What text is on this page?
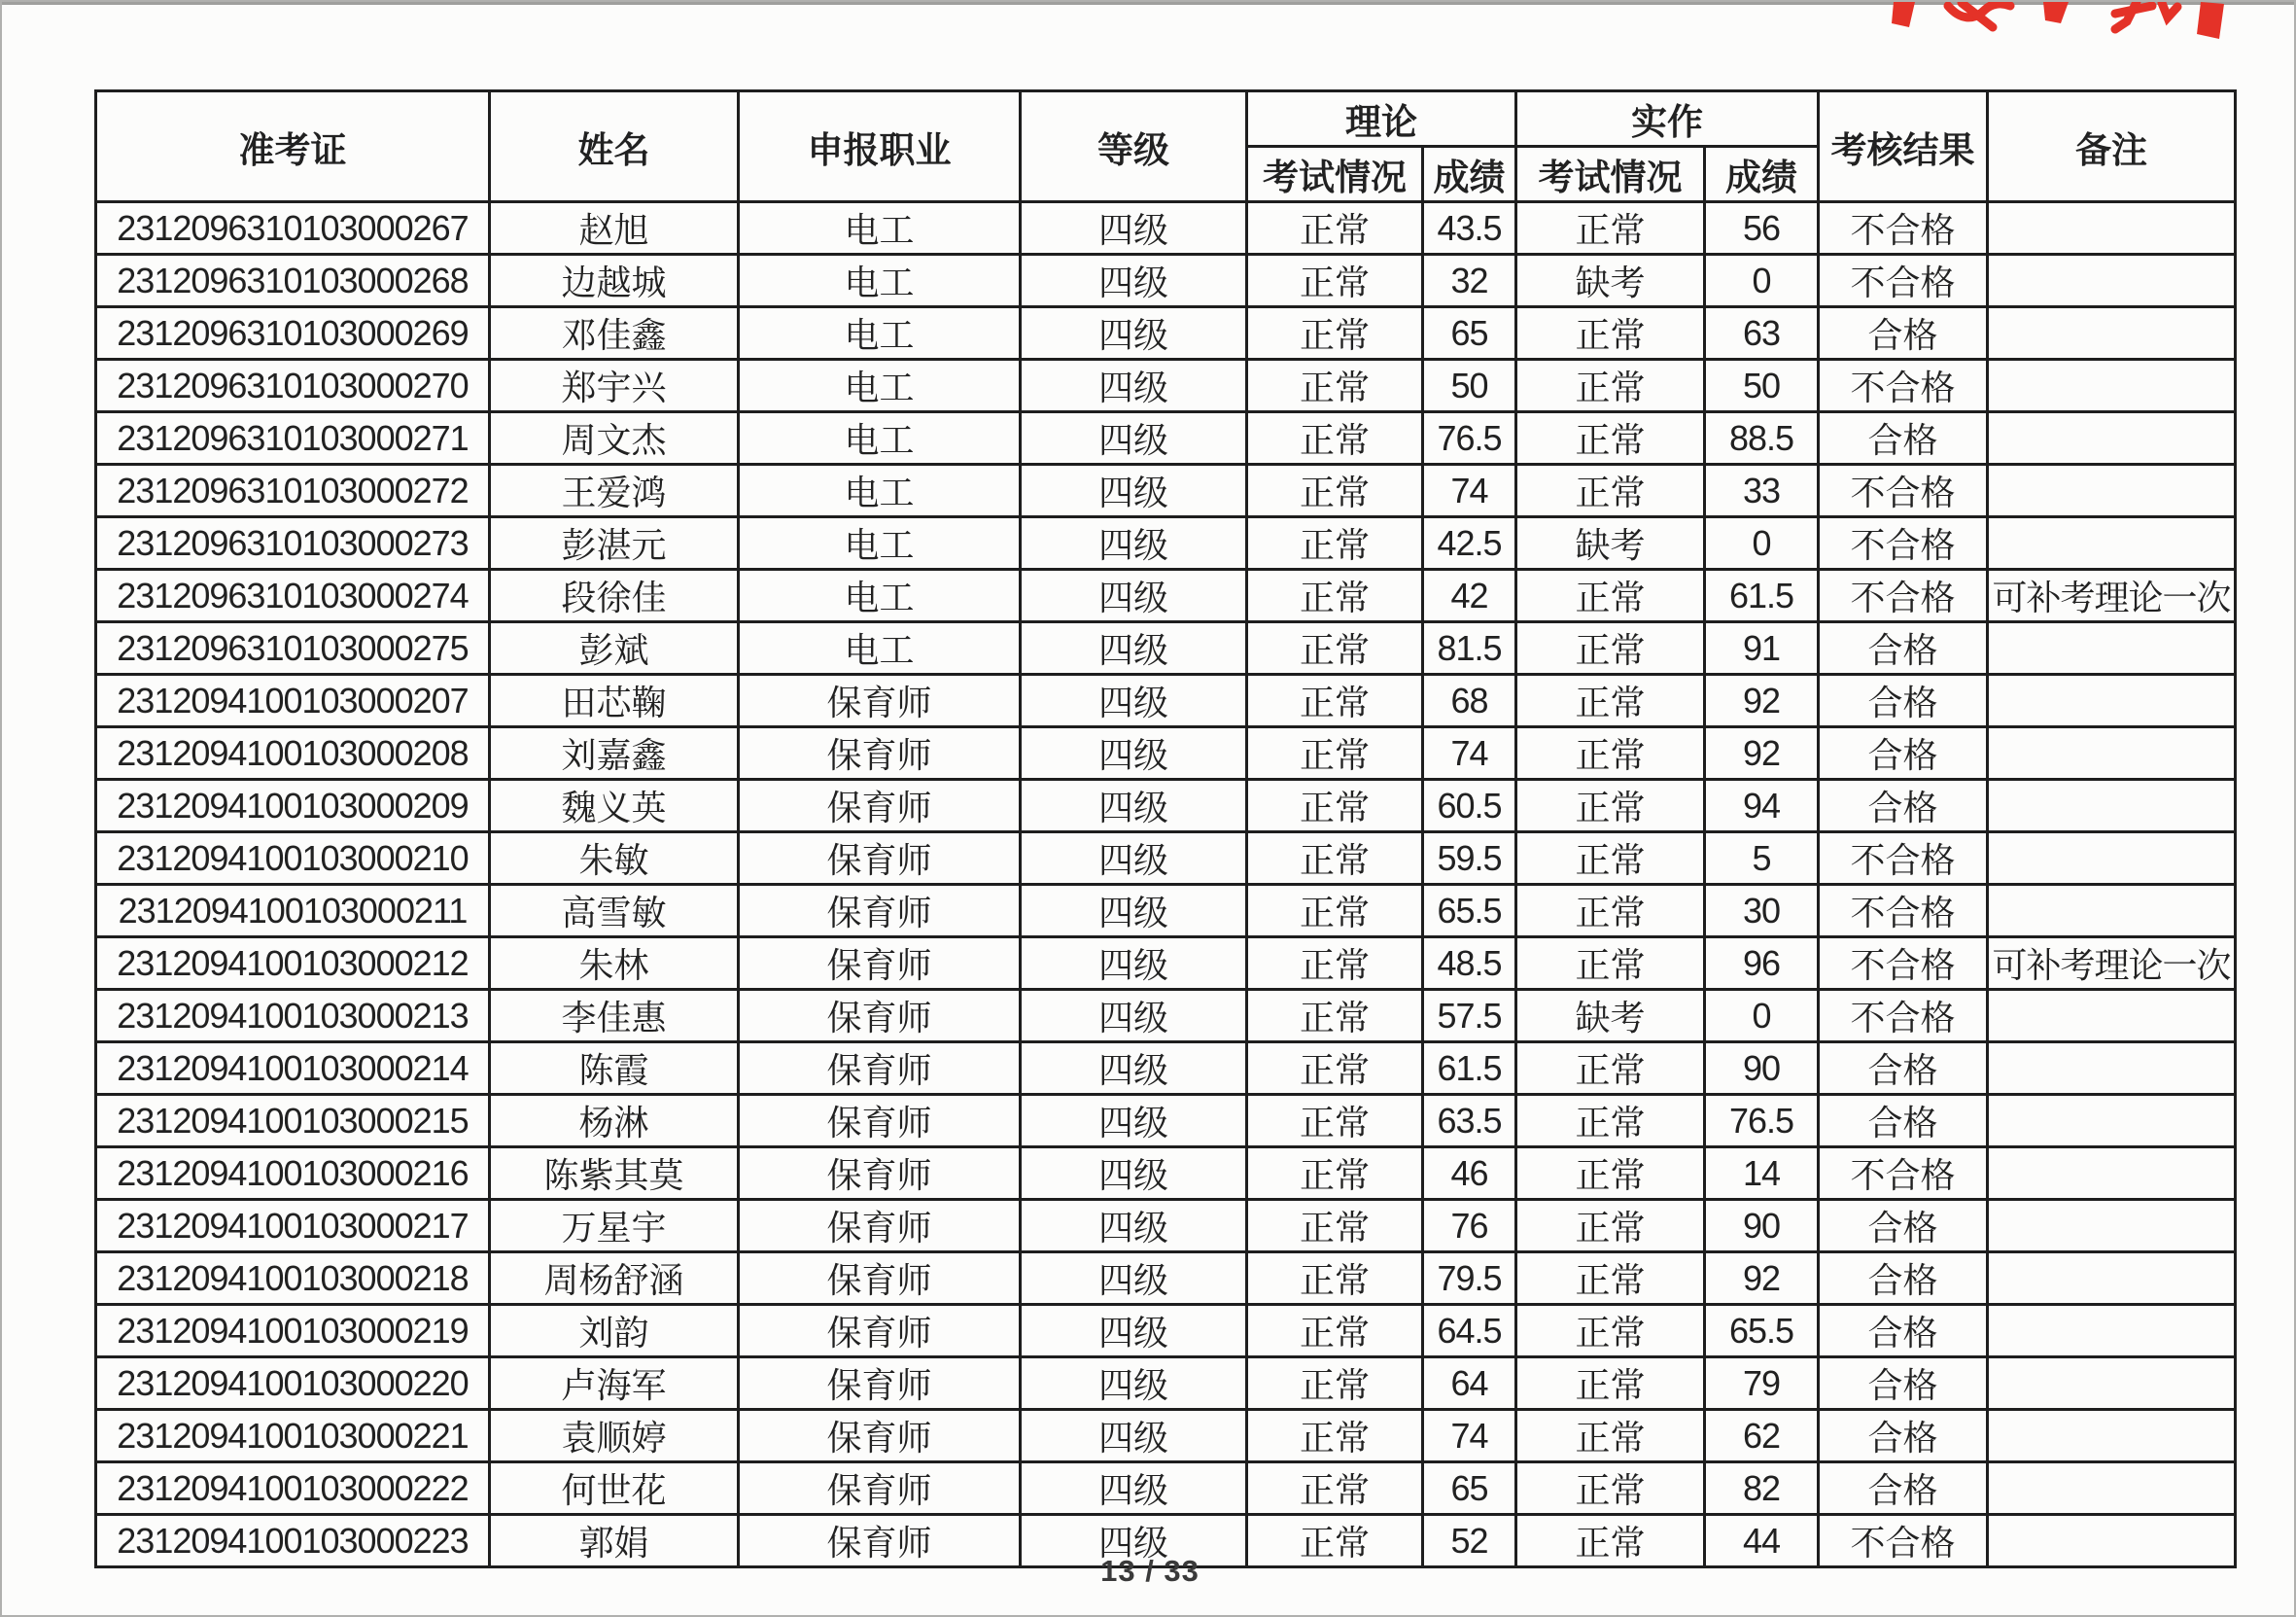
准考证	姓名	申报职业	等级	理论		实作		考核结果	备注
				考试情况	成绩	考试情况	成绩		
2312096310103000267	赵旭	电工	四级	正常	43.5	正常	56	不合格	
2312096310103000268	边越城	电工	四级	正常	32	缺考	0	不合格	
2312096310103000269	邓佳鑫	电工	四级	正常	65	正常	63	合格	
2312096310103000270	郑宇兴	电工	四级	正常	50	正常	50	不合格	
2312096310103000271	周文杰	电工	四级	正常	76.5	正常	88.5	合格	
2312096310103000272	王爱鸿	电工	四级	正常	74	正常	33	不合格	
2312096310103000273	彭湛元	电工	四级	正常	42.5	缺考	0	不合格	
2312096310103000274	段徐佳	电工	四级	正常	42	正常	61.5	不合格	可补考理论一次
2312096310103000275	彭斌	电工	四级	正常	81.5	正常	91	合格	
2312094100103000207	田芯鞠	保育师	四级	正常	68	正常	92	合格	
2312094100103000208	刘嘉鑫	保育师	四级	正常	74	正常	92	合格	
2312094100103000209	魏义英	保育师	四级	正常	60.5	正常	94	合格	
2312094100103000210	朱敏	保育师	四级	正常	59.5	正常	5	不合格	
2312094100103000211	高雪敏	保育师	四级	正常	65.5	正常	30	不合格	
2312094100103000212	朱林	保育师	四级	正常	48.5	正常	96	不合格	可补考理论一次
2312094100103000213	李佳惠	保育师	四级	正常	57.5	缺考	0	不合格	
2312094100103000214	陈霞	保育师	四级	正常	61.5	正常	90	合格	
2312094100103000215	杨淋	保育师	四级	正常	63.5	正常	76.5	合格	
2312094100103000216	陈紫其莫	保育师	四级	正常	46	正常	14	不合格	
2312094100103000217	万星宇	保育师	四级	正常	76	正常	90	合格	
2312094100103000218	周杨舒涵	保育师	四级	正常	79.5	正常	92	合格	
2312094100103000219	刘韵	保育师	四级	正常	64.5	正常	65.5	合格	
2312094100103000220	卢海军	保育师	四级	正常	64	正常	79	合格	
2312094100103000221	袁顺婷	保育师	四级	正常	74	正常	62	合格	
2312094100103000222	何世花	保育师	四级	正常	65	正常	82	合格	
2312094100103000223	郭娟	保育师	四级	正常	52	正常	44	不合格	
13 / 33
